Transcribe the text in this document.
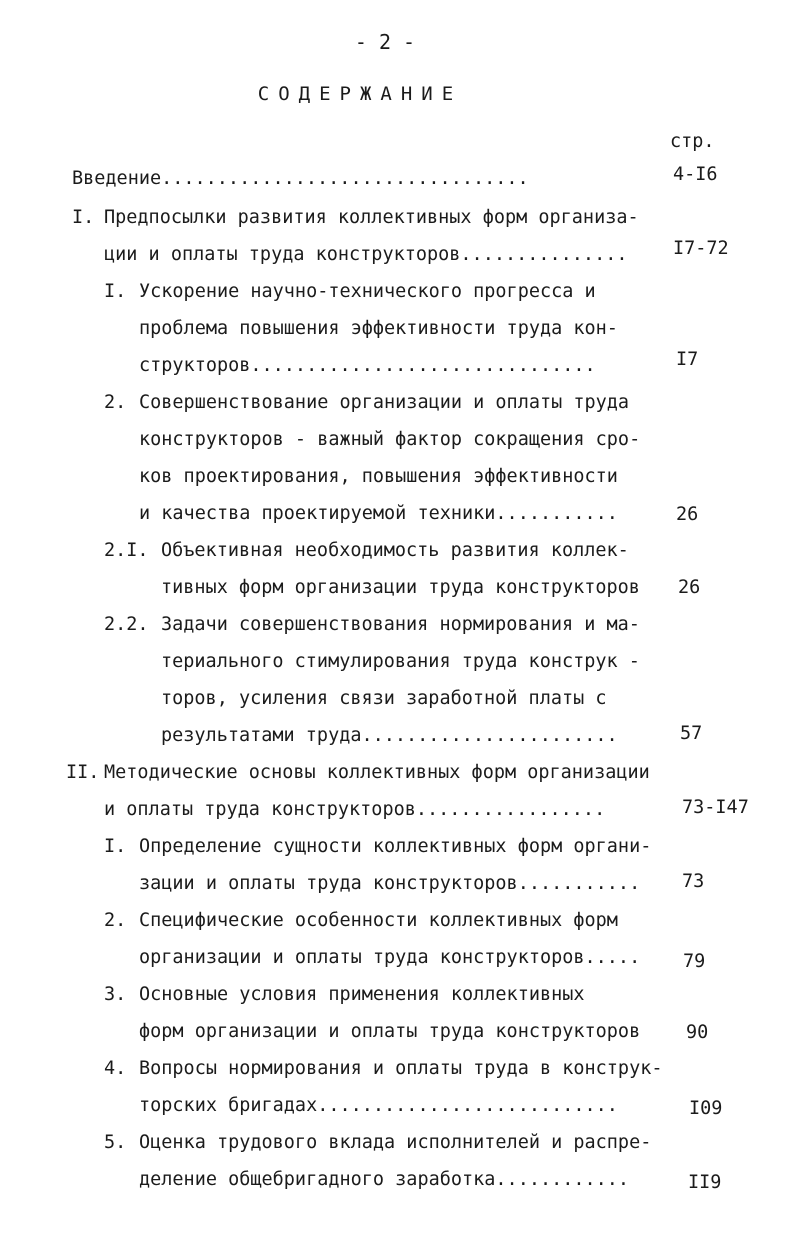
- 2 -
СОДЕРЖАНИЕ
стр.
Введение.................................	4-I6
I. Предпосылки развития коллективных форм организа-
ции и оплаты труда конструкторов............... I7-72
I. Ускорение научно-технического прогресса и
проблема повышения эффективности труда кон-
структоров...............................	I7
2. Совершенствование организации и оплаты труда
конструкторов - важный фактор сокращения сро-
ков проектирования, повышения эффективности
и качества проектируемой техники...........	26
2.I. Объективная необходимость развития коллек-
тивных форм организации труда конструкторов 26
2.2. Задачи совершенствования нормирования и ма-
териального стимулирования труда конструк -
торов, усиления связи заработной платы с
результатами труда.......................	57
II. Методические основы коллективных форм организации
и оплаты труда конструкторов.................	73-I47
I. Определение сущности коллективных форм органи-
зации и оплаты труда конструкторов........... 73
2. Специфические особенности коллективных форм
организации и оплаты труда конструкторов..... 79
3. Основные условия применения коллективных
форм организации и оплаты труда конструкторов 90
4. Вопросы нормирования и оплаты труда в конструк-
торских бригадах...........................	I09
5. Оценка трудового вклада исполнителей и распре-
деление общебригадного заработка............	II9
